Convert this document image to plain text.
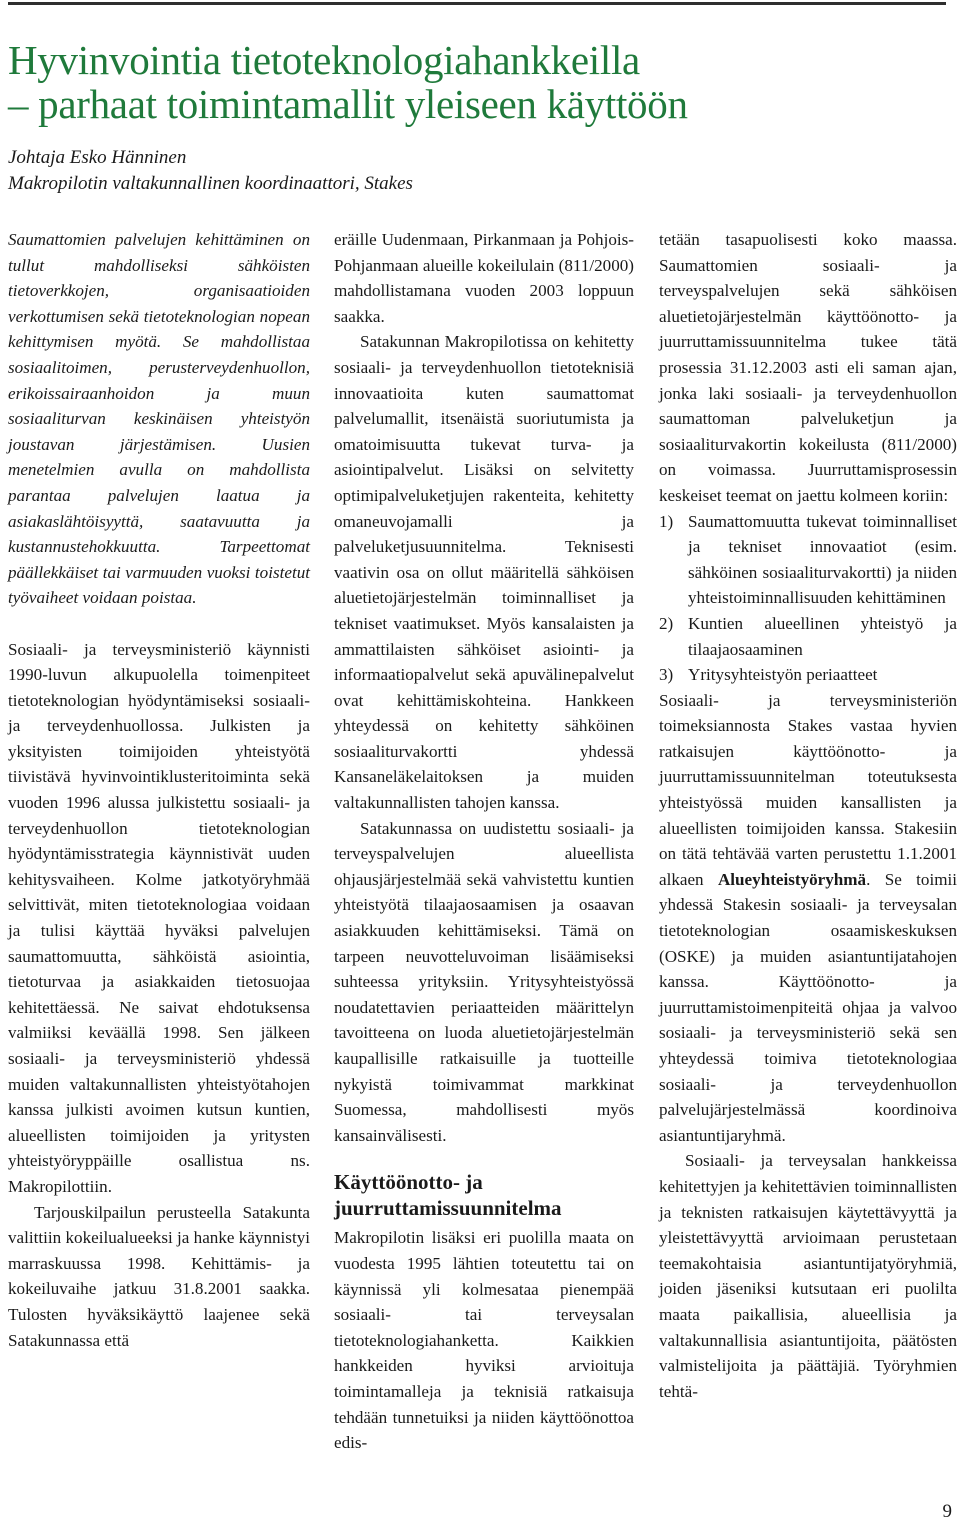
Hyvinvointia tietoteknologiahankkeilla
– parhaat toimintamallit yleiseen käyttöön

Johtaja Esko Hänninen
Makropilotin valtakunnallinen koordinaattori, Stakes

Saumattomien palvelujen kehittäminen on tullut mahdolliseksi sähköisten tietoverkkojen, organisaatioiden verkottumisen sekä tietoteknologian nopean kehittymisen myötä. Se mahdollistaa sosiaalitoimen, perusterveydenhuollon, erikoissairaanhoidon ja muun sosiaaliturvan keskinäisen yhteistyön joustavan järjestämisen. Uusien menetelmien avulla on mahdollista parantaa palvelujen laatua ja asiakaslähtöisyyttä, saatavuutta ja kustannustehokkuutta. Tarpeettomat päällekkäiset tai varmuuden vuoksi toistetut työvaiheet voidaan poistaa.

Sosiaali- ja terveysministeriö käynnisti 1990-luvun alkupuolella toimenpiteet tietoteknologian hyödyntämiseksi sosiaali- ja terveydenhuollossa. Julkisten ja yksityisten toimijoiden yhteistyötä tiivistävä hyvinvointiklusteritoiminta sekä vuoden 1996 alussa julkistettu sosiaali- ja terveydenhuollon tietoteknologian hyödyntämisstrategia käynnistivät uuden kehitysvaiheen. Kolme jatkotyöryhmää selvittivät, miten tietoteknologiaa voidaan ja tulisi käyttää hyväksi palvelujen saumattomuutta, sähköistä asiointia, tietoturvaa ja asiakkaiden tietosuojaa kehitettäessä. Ne saivat ehdotuksensa valmiiksi keväällä 1998. Sen jälkeen sosiaali- ja terveysministeriö yhdessä muiden valtakunnallisten yhteistyötahojen kanssa julkisti avoimen kutsun kuntien, alueellisten toimijoiden ja yritysten yhteistyöryppäille osallistua ns. Makropilottiin.

Tarjouskilpailun perusteella Satakunta valittiin kokeilualueeksi ja hanke käynnistyi marraskuussa 1998. Kehittämis- ja kokeiluvaihe jatkuu 31.8.2001 saakka. Tulosten hyväksikäyttö laajenee sekä Satakunnassa että

eräille Uudenmaan, Pirkanmaan ja Pohjois-Pohjanmaan alueille kokeilulain (811/2000) mahdollistamana vuoden 2003 loppuun saakka.

Satakunnan Makropilotissa on kehitetty sosiaali- ja terveydenhuollon tietoteknisiä innovaatioita kuten saumattomat palvelumallit, itsenäistä suoriutumista ja omatoimisuutta tukevat turva- ja asiointipalvelut. Lisäksi on selvitetty optimipalveluketjujen rakenteita, kehitetty omaneuvojamalli ja palveluketjusuunnitelma. Teknisesti vaativin osa on ollut määritellä sähköisen aluetietojärjestelmän toiminnalliset ja tekniset vaatimukset. Myös kansalaisten ja ammattilaisten sähköiset asiointi- ja informaatiopalvelut sekä apuvälinepalvelut ovat kehittämiskohteina. Hankkeen yhteydessä on kehitetty sähköinen sosiaaliturvakortti yhdessä Kansaneläkelaitoksen ja muiden valtakunnallisten tahojen kanssa.

Satakunnassa on uudistettu sosiaali- ja terveyspalvelujen alueellista ohjausjärjestelmää sekä vahvistettu kuntien yhteistyötä tilaajaosaamisen ja osaavan asiakkuuden kehittämiseksi. Tämä on tarpeen neuvotteluvoiman lisäämiseksi suhteessa yrityksiin. Yritysyhteistyössä noudatettavien periaatteiden määrittelyn tavoitteena on luoda aluetietojärjestelmän kaupallisille ratkaisuille ja tuotteille nykyistä toimivammat markkinat Suomessa, mahdollisesti myös kansainvälisesti.

Käyttöönotto- ja juurruttamissuunnitelma

Makropilotin lisäksi eri puolilla maata on vuodesta 1995 lähtien toteutettu tai on käynnissä yli kolmesataa pienempää sosiaali- tai terveysalan tietoteknologiahanketta. Kaikkien hankkeiden hyviksi arvioituja toimintamalleja ja teknisiä ratkaisuja tehdään tunnetuiksi ja niiden käyttöönottoa edis-

tetään tasapuolisesti koko maassa. Saumattomien sosiaali- ja terveyspalvelujen sekä sähköisen aluetietojärjestelmän käyttöönotto- ja juurruttamissuunnitelma tukee tätä prosessia 31.12.2003 asti eli saman ajan, jonka laki sosiaali- ja terveydenhuollon saumattoman palveluketjun ja sosiaaliturvakortin kokeilusta (811/2000) on voimassa. Juurruttamisprosessin keskeiset teemat on jaettu kolmeen koriin:

1) Saumattomuutta tukevat toiminnalliset ja tekniset innovaatiot (esim. sähköinen sosiaaliturvakortti) ja niiden yhteistoiminnallisuuden kehittäminen
2) Kuntien alueellinen yhteistyö ja tilaajaosaaminen
3) Yritysyhteistyön periaatteet

Sosiaali- ja terveysministeriön toimeksiannosta Stakes vastaa hyvien ratkaisujen käyttöönotto- ja juurruttamissuunnitelman toteutuksesta yhteistyössä muiden kansallisten ja alueellisten toimijoiden kanssa. Stakesiin on tätä tehtävää varten perustettu 1.1.2001 alkaen Alueyhteistyöryhmä. Se toimii yhdessä Stakesin sosiaali- ja terveysalan tietoteknologian osaamiskeskuksen (OSKE) ja muiden asiantuntijatahojen kanssa. Käyttöönotto- ja juurruttamistoimenpiteitä ohjaa ja valvoo sosiaali- ja terveysministeriö sekä sen yhteydessä toimiva tietoteknologiaa sosiaali- ja terveydenhuollon palvelujärjestelmässä koordinoiva asiantuntijaryhmä.

Sosiaali- ja terveysalan hankkeissa kehitettyjen ja kehitettävien toiminnallisten ja teknisten ratkaisujen käytettävyyttä ja yleistettävyyttä arvioimaan perustetaan teemakohtaisia asiantuntijatyöryhmiä, joiden jäseniksi kutsutaan eri puolilta maata paikallisia, alueellisia ja valtakunnallisia asiantuntijoita, päätösten valmistelijoita ja päättäjiä. Työryhmien tehtä-

9
